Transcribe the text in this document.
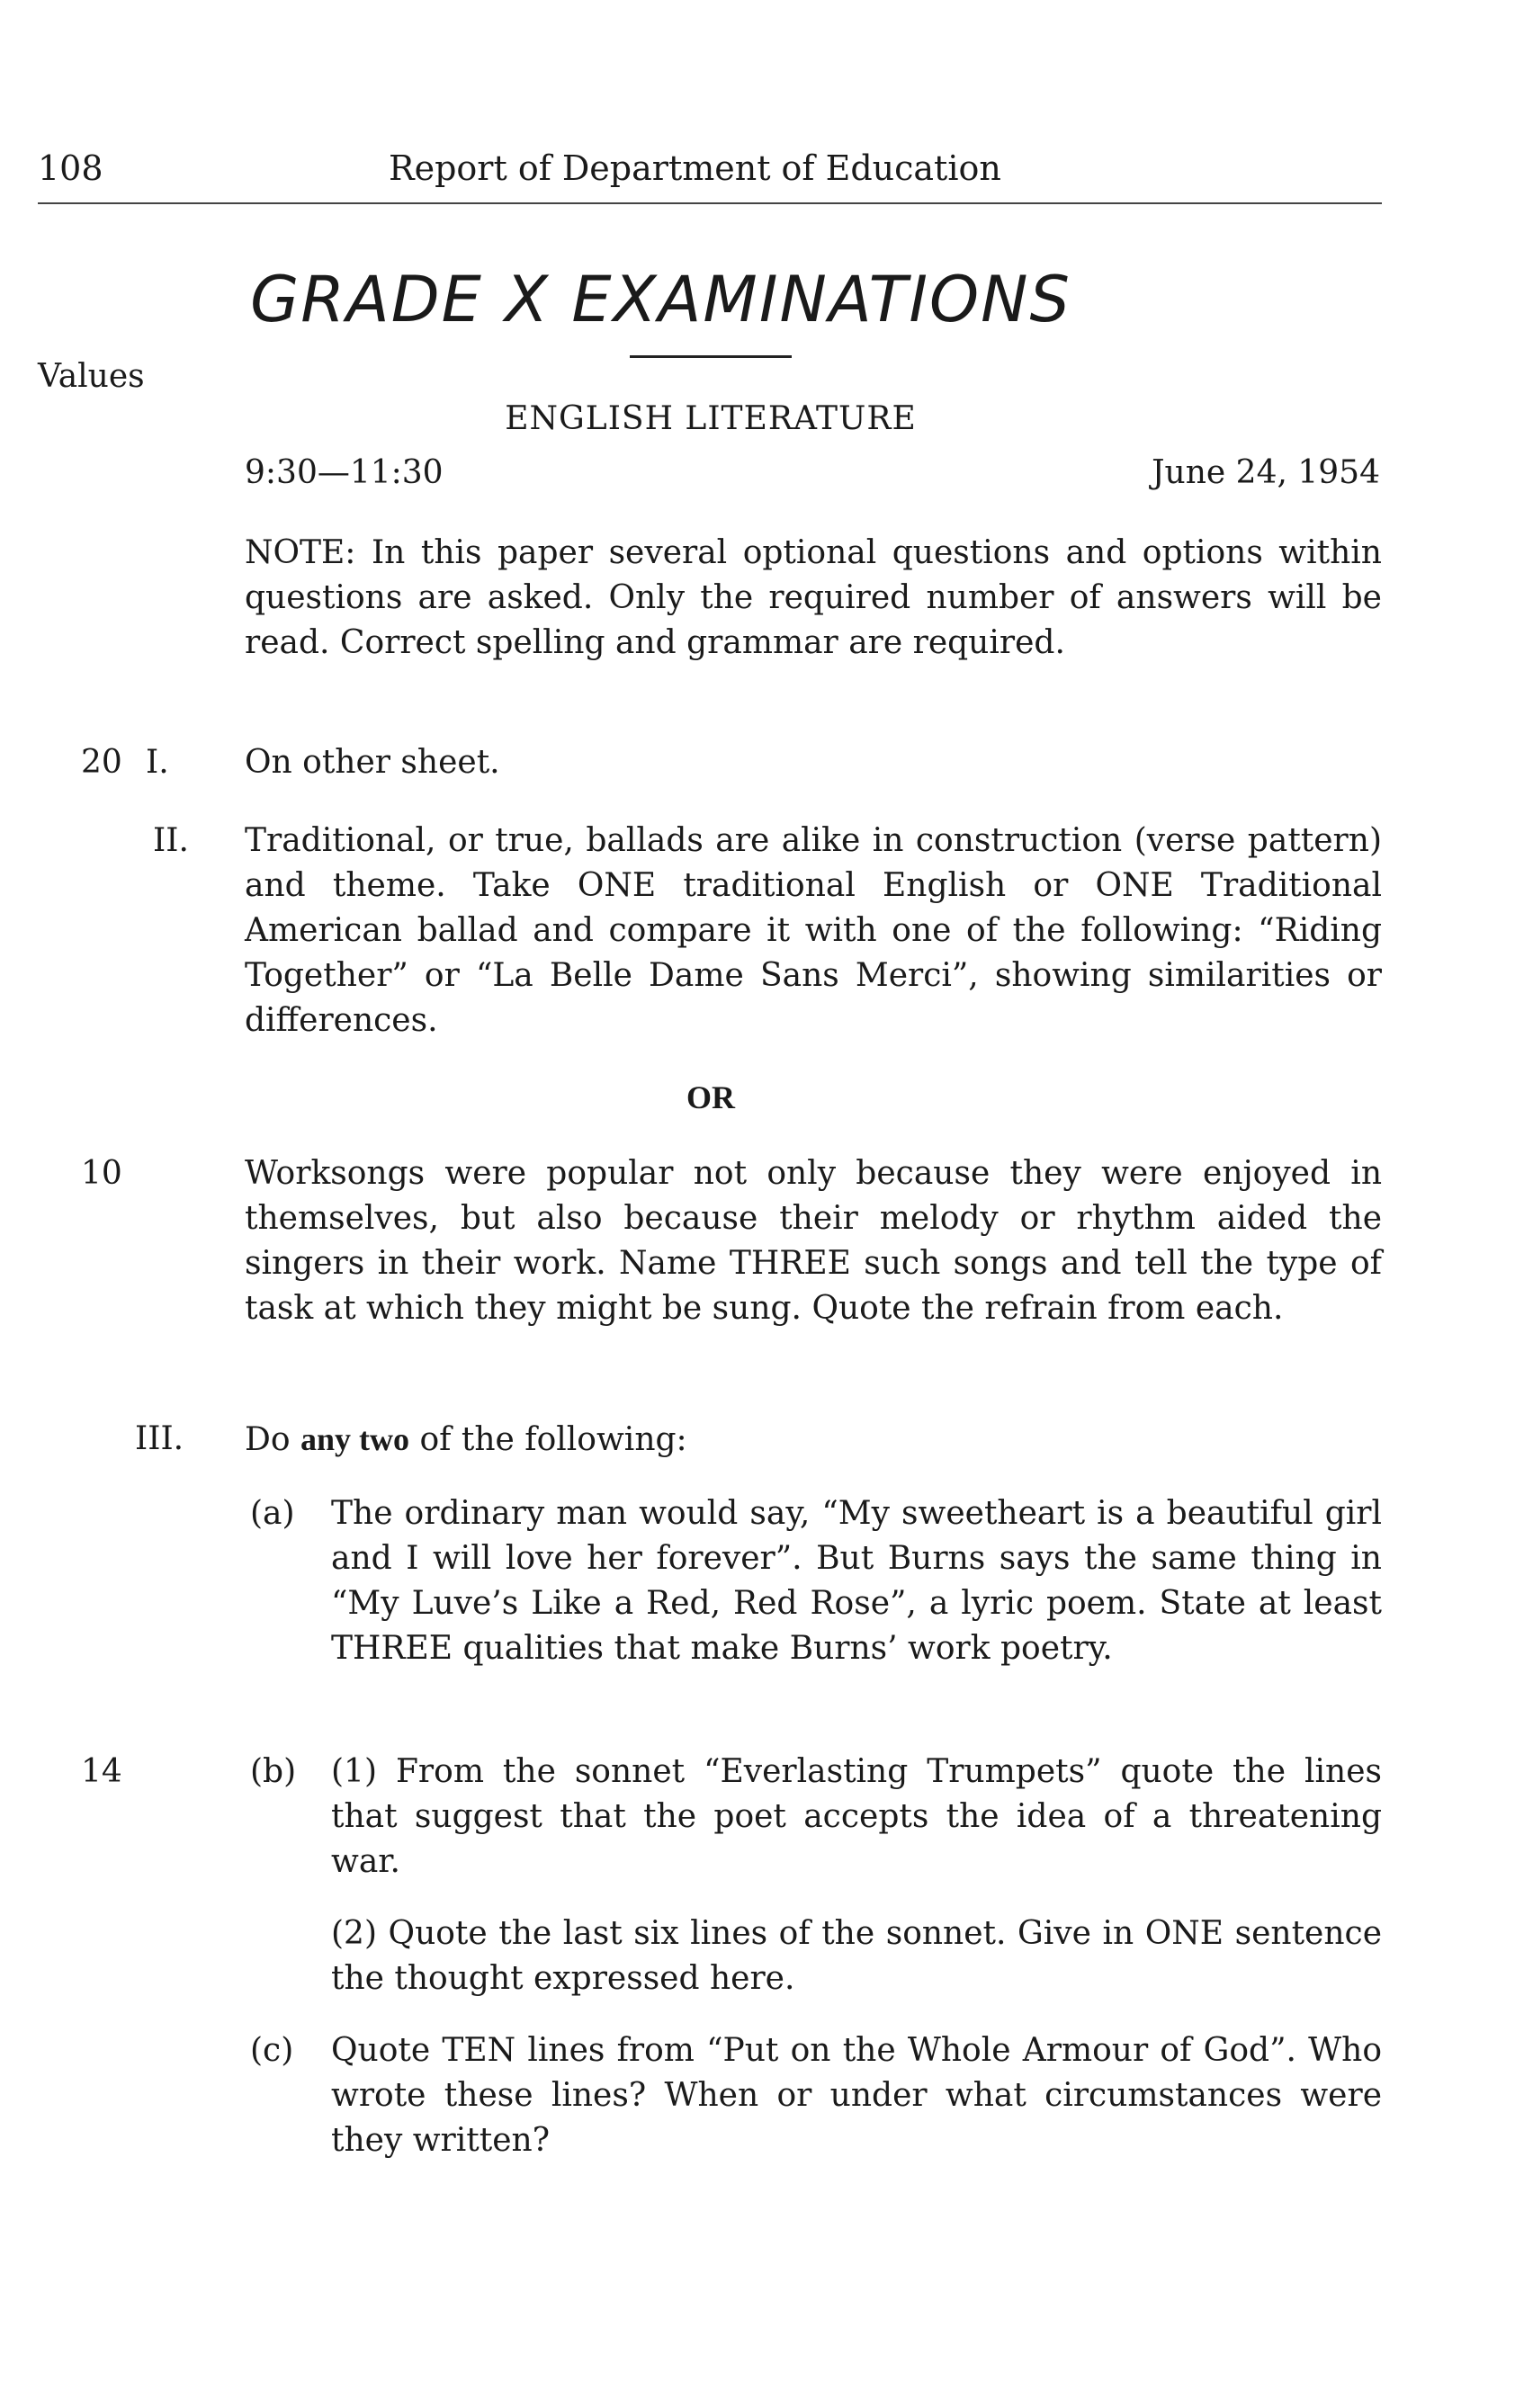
108	Report of Department of Education
GRADE X EXAMINATIONS
Values
ENGLISH LITERATURE
9:30—11:30	June 24, 1954
NOTE: In this paper several optional questions and options within questions are asked. Only the required number of answers will be read. Correct spelling and grammar are required.
20 I. On other sheet.
II. Traditional, or true, ballads are alike in construction (verse pattern) and theme. Take ONE traditional English or ONE Traditional American ballad and compare it with one of the following: “Riding Together” or “La Belle Dame Sans Merci”, showing similarities or differences.
OR
10	Worksongs were popular not only because they were enjoyed in themselves, but also because their melody or rhythm aided the singers in their work. Name THREE such songs and tell the type of task at which they might be sung. Quote the refrain from each.
III. Do any two of the following:
(a) The ordinary man would say, “My sweetheart is a beautiful girl and I will love her forever”. But Burns says the same thing in “My Luve’s Like a Red, Red Rose”, a lyric poem. State at least THREE qualities that make Burns’ work poetry.
14	(b) (1) From the sonnet “Everlasting Trumpets” quote the lines that suggest that the poet accepts the idea of a threatening war.
(2) Quote the last six lines of the sonnet. Give in ONE sentence the thought expressed here.
(c) Quote TEN lines from “Put on the Whole Armour of God”. Who wrote these lines? When or under what circumstances were they written?
